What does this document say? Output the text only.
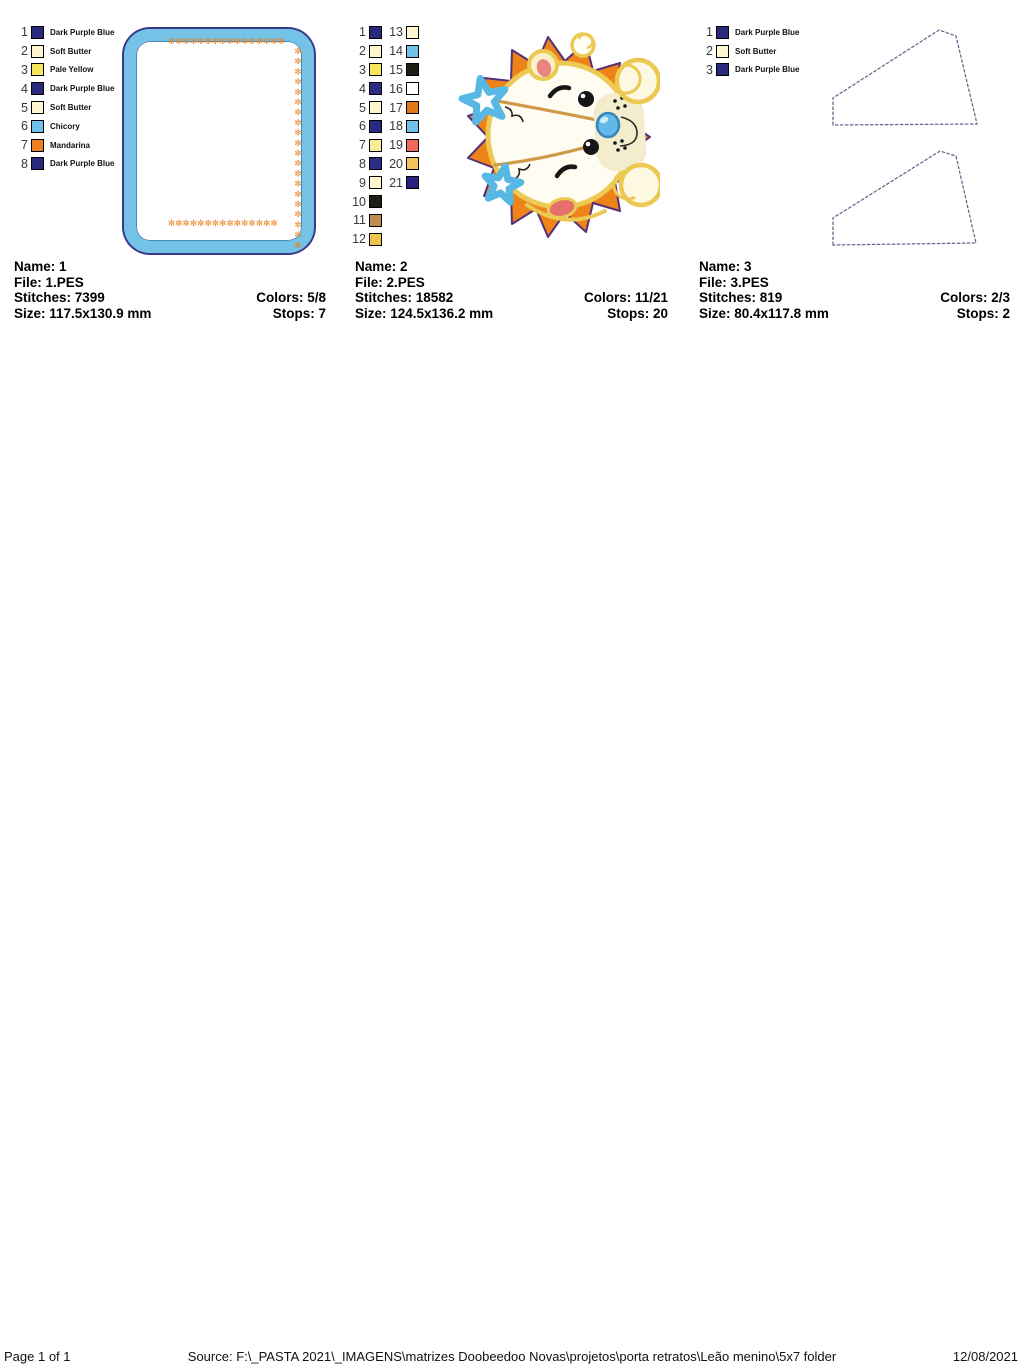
1	Dark Purple Blue
2	Soft Butter
3	Pale Yellow
4	Dark Purple Blue
5	Soft Butter
6	Chicory
7	Mandarina
8	Dark Purple Blue
✼✼✼✼✼✼✼✼✼✼✼✼✼✼✼✼
✼✼✼✼✼✼✼✼✼✼✼✼✼✼✼✼✼✼✼✼
✼✼✼✼✼✼✼✼✼✼✼✼✼✼✼
Name: 1
File: 1.PES
Stitches: 7399	Colors: 5/8
Size: 117.5x130.9 mm	Stops: 7
1	13
2	14
3	15
4	16
5	17
6	18
7	19
8	20
9	21
10
11
12
Name: 2
File: 2.PES
Stitches: 18582	Colors: 11/21
Size: 124.5x136.2 mm	Stops: 20
1	Dark Purple Blue
2	Soft Butter
3	Dark Purple Blue
Name: 3
File: 3.PES
Stitches: 819	Colors: 2/3
Size: 80.4x117.8 mm	Stops: 2
Page 1 of 1	Source: F:\_PASTA 2021\_IMAGENS\matrizes Doobeedoo Novas\projetos\porta retratos\Leão menino\5x7 folder	12/08/2021
